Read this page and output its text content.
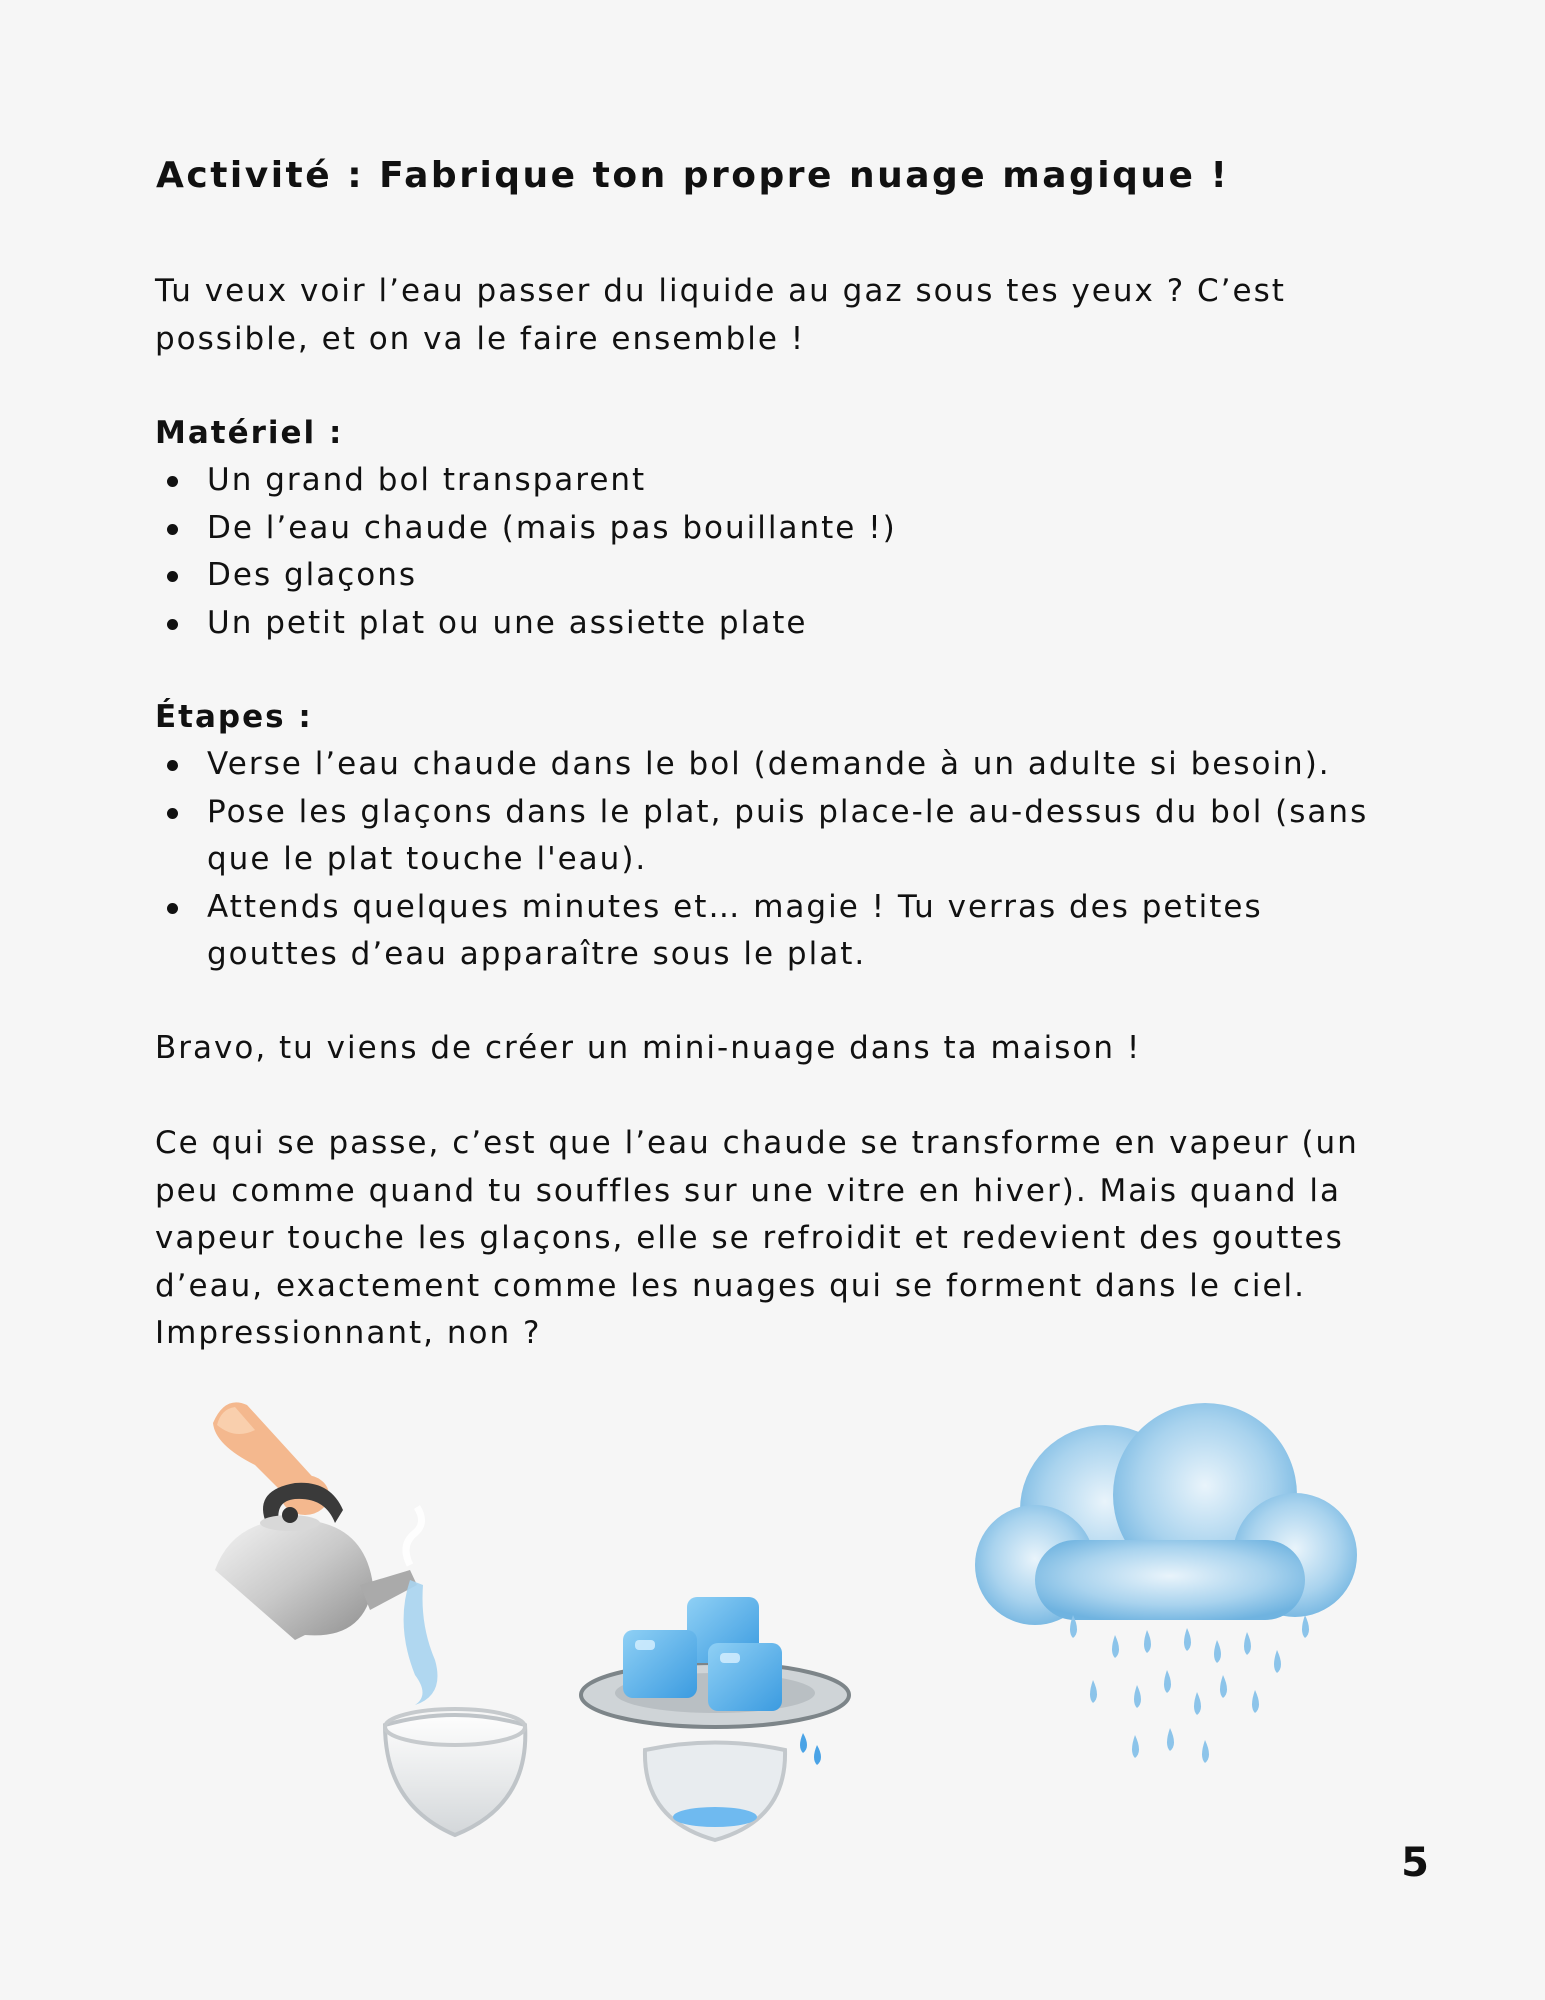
Activité : Fabrique ton propre nuage magique !

Tu veux voir l’eau passer du liquide au gaz sous tes yeux ? C’est possible, et on va le faire ensemble !

Matériel :

Un grand bol transparent
De l’eau chaude (mais pas bouillante !)
Des glaçons
Un petit plat ou une assiette plate

Étapes :

Verse l’eau chaude dans le bol (demande à un adulte si besoin).
Pose les glaçons dans le plat, puis place-le au-dessus du bol (sans que le plat touche l'eau).
Attends quelques minutes et… magie ! Tu verras des petites gouttes d’eau apparaître sous le plat.

Bravo, tu viens de créer un mini-nuage dans ta maison !

Ce qui se passe, c’est que l’eau chaude se transforme en vapeur (un peu comme quand tu souffles sur une vitre en hiver). Mais quand la vapeur touche les glaçons, elle se refroidit et redevient des gouttes d’eau, exactement comme les nuages qui se forment dans le ciel. Impressionnant, non ?

5
